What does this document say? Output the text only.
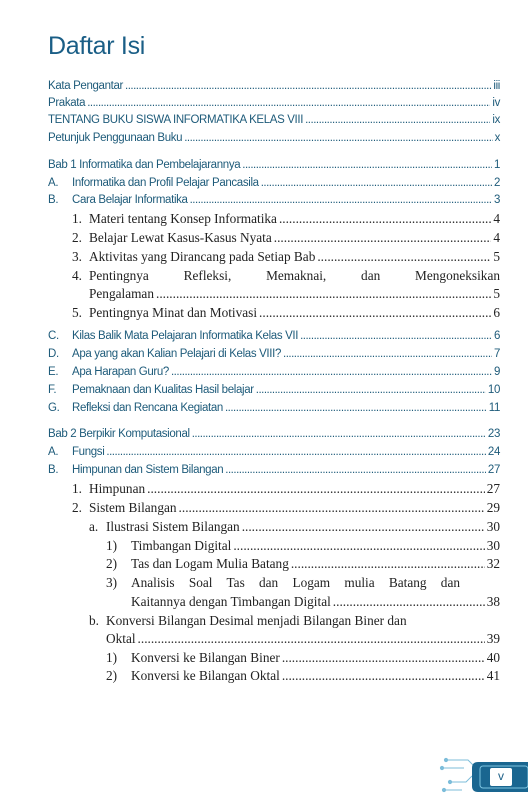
Daftar Isi
Kata Pengantar .....	iii
Prakata .....	iv
TENTANG BUKU SISWA INFORMATIKA KELAS VIII .....	ix
Petunjuk Penggunaan Buku .....	x
Bab 1 Informatika dan Pembelajarannya .....	1
A.	Informatika dan Profil Pelajar Pancasila .....	2
B.	Cara Belajar Informatika .....	3
1. Materi tentang Konsep Informatika .....	4
2. Belajar Lewat Kasus-Kasus Nyata .....	4
3. Aktivitas yang Dirancang pada Setiap Bab .....	5
4. Pentingnya Refleksi, Memaknai, dan Mengoneksikan
Pengalaman .....	5
5. Pentingnya Minat dan Motivasi .....	6
C.	Kilas Balik Mata Pelajaran Informatika Kelas VII .....	6
D.	Apa yang akan Kalian Pelajari di Kelas VIII? .....	7
E.	Apa Harapan Guru? .....	9
F.	Pemaknaan dan Kualitas Hasil belajar .....	10
G.	Refleksi dan Rencana Kegiatan .....	11
Bab 2 Berpikir Komputasional .....	23
A.	Fungsi .....	24
B.	Himpunan dan Sistem Bilangan .....	27
1. Himpunan .....	27
2. Sistem Bilangan .....	29
a. Ilustrasi Sistem Bilangan .....	30
1)	Timbangan Digital .....	30
2)	Tas dan Logam Mulia Batang .....	32
3)	Analisis Soal Tas dan Logam mulia Batang dan
Kaitannya dengan Timbangan Digital .....	38
b. Konversi Bilangan Desimal menjadi Bilangan Biner dan
Oktal .....	39
1)	Konversi ke Bilangan Biner .....	40
2)	Konversi ke Bilangan Oktal .....	41
v
